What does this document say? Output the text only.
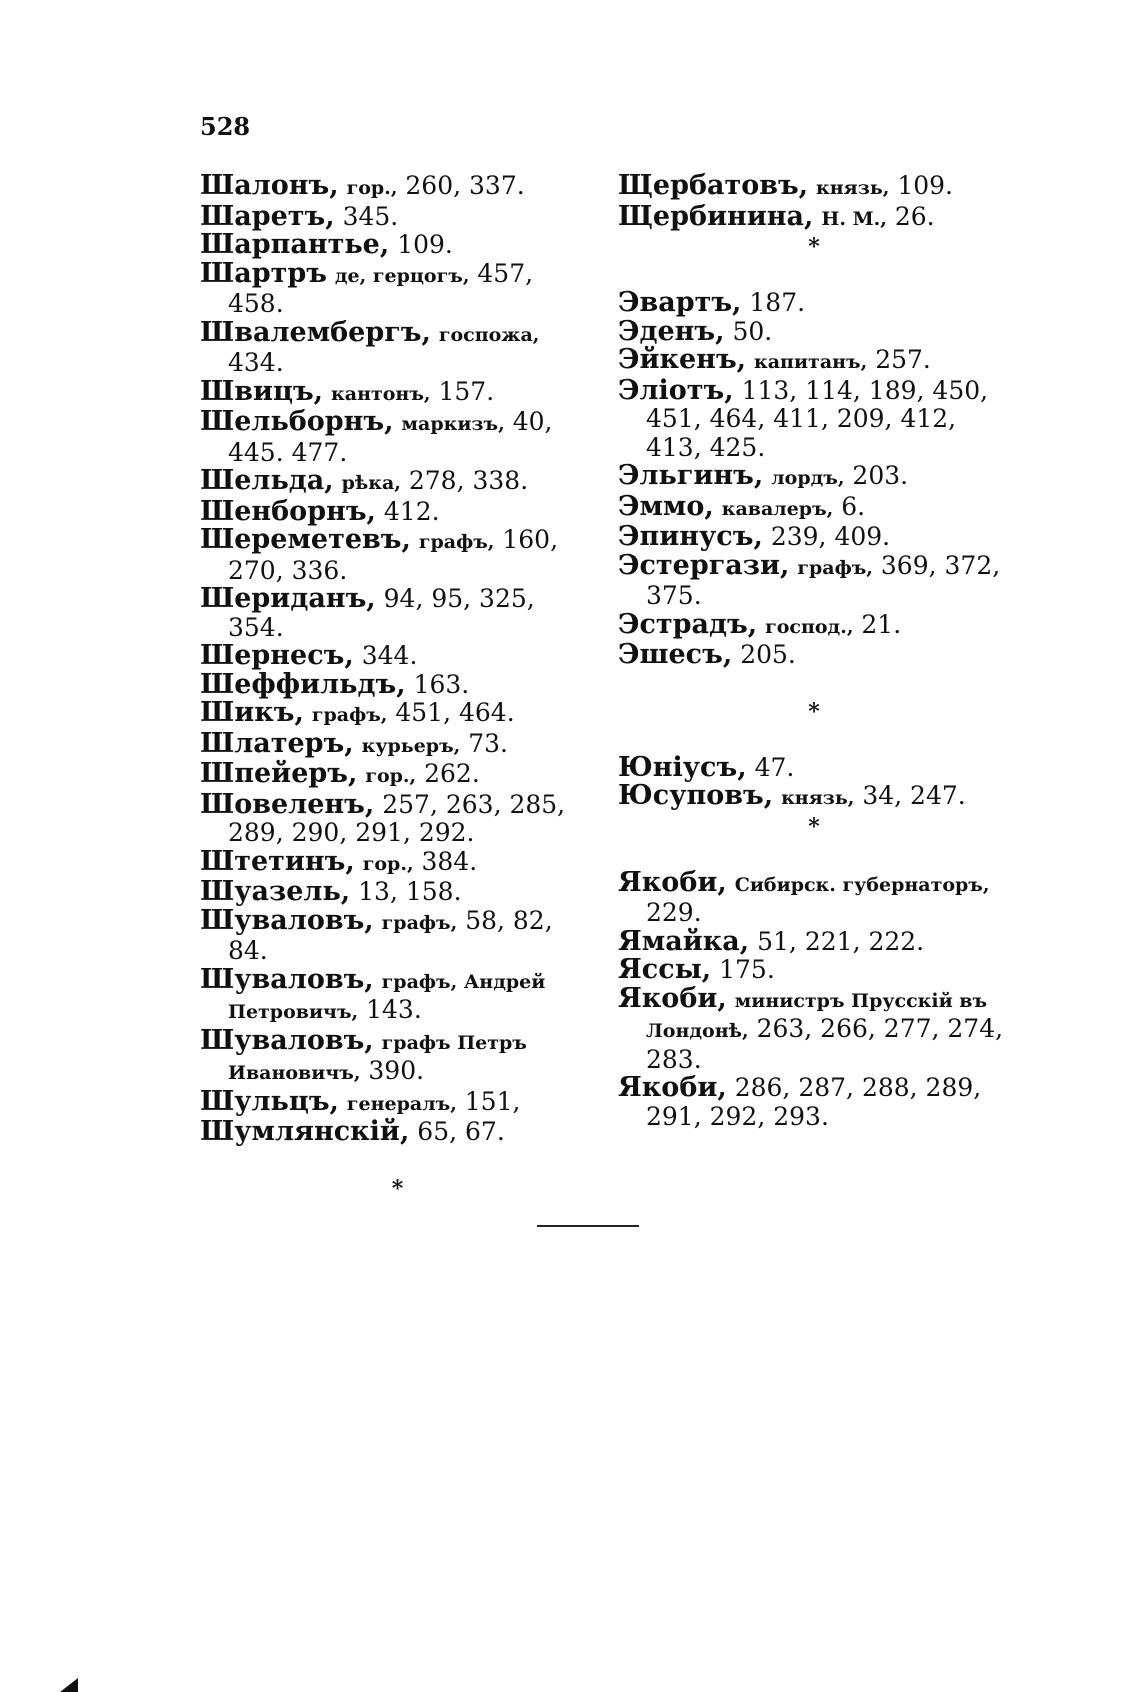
528
Шалонъ, гор., 260, 337.
Шаретъ, 345.
Шарпантье, 109.
Шартръ де, герцогъ, 457, 458.
Швалембергъ, госпожа, 434.
Швицъ, кантонъ, 157.
Шельборнъ, маркизъ, 40, 445. 477.
Шельда, рѣка, 278, 338.
Шенборнъ, 412.
Шереметевъ, графъ, 160, 270, 336.
Шериданъ, 94, 95, 325, 354.
Шернесъ, 344.
Шеффильдъ, 163.
Шикъ, графъ, 451, 464.
Шлатеръ, курьеръ, 73.
Шпейеръ, гор., 262.
Шовеленъ, 257, 263, 285, 289, 290, 291, 292.
Штетинъ, гор., 384.
Шуазель, 13, 158.
Шуваловъ, графъ, 58, 82, 84.
Шуваловъ, графъ, Андрей Петровичъ, 143.
Шуваловъ, графъ Петръ Ивановичъ, 390.
Шульцъ, генералъ, 151,
Шумлянскій, 65, 67.
*
Щербатовъ, князь, 109.
Щербинина, Н. М., 26.
*
Эвартъ, 187.
Эденъ, 50.
Эйкенъ, капитанъ, 257.
Эліотъ, 113, 114, 189, 450, 451, 464, 411, 209, 412, 413, 425.
Эльгинъ, лордъ, 203.
Эммо, кавалеръ, 6.
Эпинусъ, 239, 409.
Эстергази, графъ, 369, 372, 375.
Эстрадъ, господ., 21.
Эшесъ, 205.
*
Юніусъ, 47.
Юсуповъ, князь, 34, 247.
*
Якоби, Сибирск. губернаторъ, 229.
Ямайка, 51, 221, 222.
Яссы, 175.
Якоби, министръ Прусскій въ Лондонѣ, 263, 266, 277, 274, 283.
Якоби, 286, 287, 288, 289, 291, 292, 293.
